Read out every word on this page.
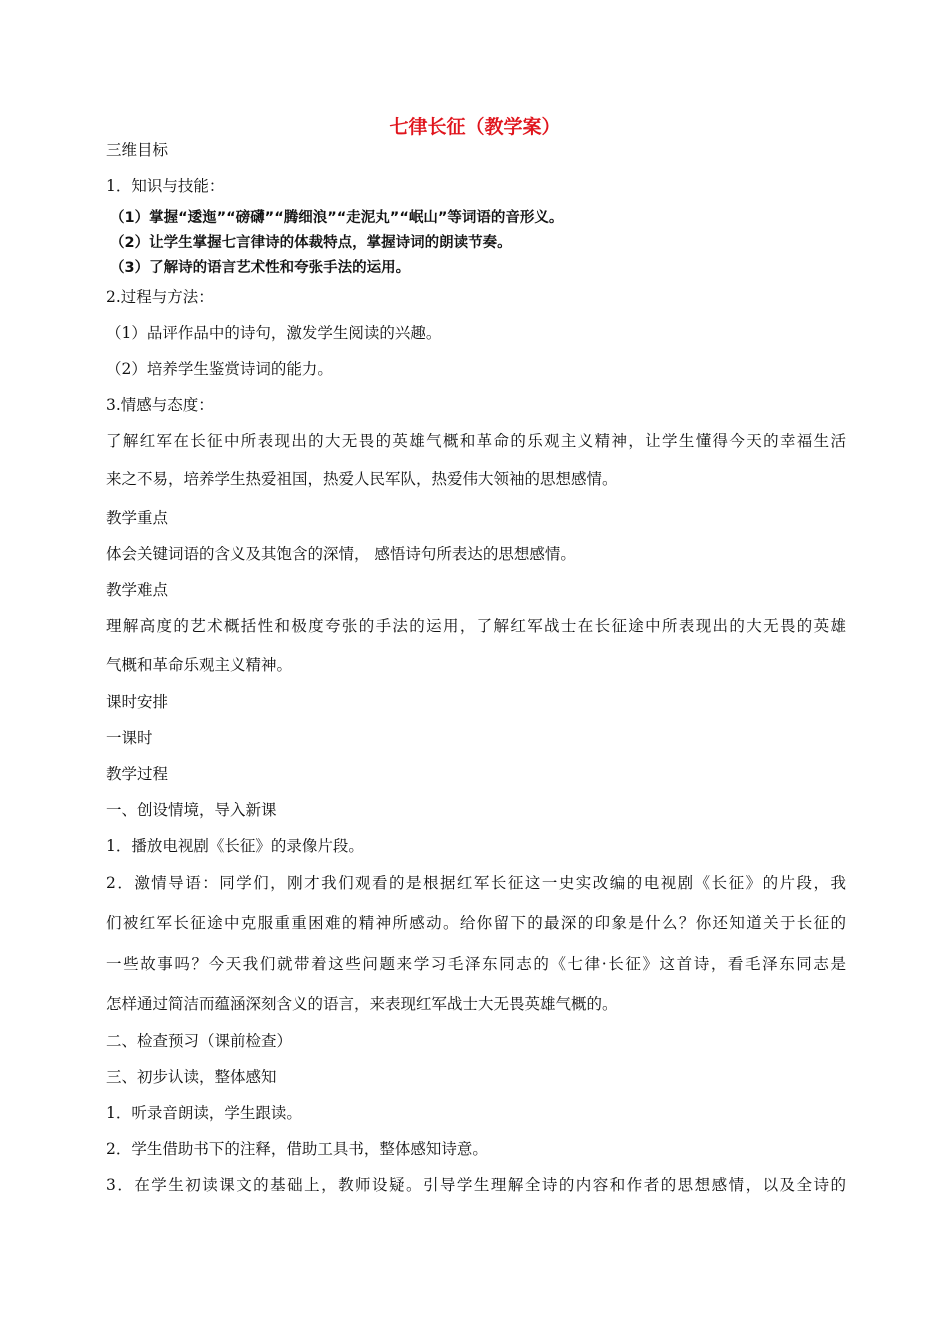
七律长征（教学案）
三维目标
1．知识与技能：
（1）掌握“逶迤”“磅礴”“腾细浪”“走泥丸”“岷山”等词语的音形义。
（2）让学生掌握七言律诗的体裁特点，掌握诗词的朗读节奏。
（3）了解诗的语言艺术性和夸张手法的运用。
2.过程与方法：
（1）品评作品中的诗句，激发学生阅读的兴趣。
（2）培养学生鉴赏诗词的能力。
3.情感与态度：
了解红军在长征中所表现出的大无畏的英雄气概和革命的乐观主义精神，让学生懂得今天的幸福生活
来之不易，培养学生热爱祖国，热爱人民军队，热爱伟大领袖的思想感情。
教学重点
体会关键词语的含义及其饱含的深情， 感悟诗句所表达的思想感情。
教学难点
理解高度的艺术概括性和极度夸张的手法的运用，了解红军战士在长征途中所表现出的大无畏的英雄
气概和革命乐观主义精神。
课时安排
一课时
教学过程
一、创设情境，导入新课
1．播放电视剧《长征》的录像片段。
2．激情导语：同学们，刚才我们观看的是根据红军长征这一史实改编的电视剧《长征》的片段，我
们被红军长征途中克服重重困难的精神所感动。给你留下的最深的印象是什么？你还知道关于长征的
一些故事吗？今天我们就带着这些问题来学习毛泽东同志的《七律·长征》这首诗，看毛泽东同志是
怎样通过简洁而蕴涵深刻含义的语言，来表现红军战士大无畏英雄气概的。
二、检查预习（课前检查）
三、初步认读，整体感知
1．听录音朗读，学生跟读。
2．学生借助书下的注释，借助工具书，整体感知诗意。
3．在学生初读课文的基础上，教师设疑。引导学生理解全诗的内容和作者的思想感情，以及全诗的
